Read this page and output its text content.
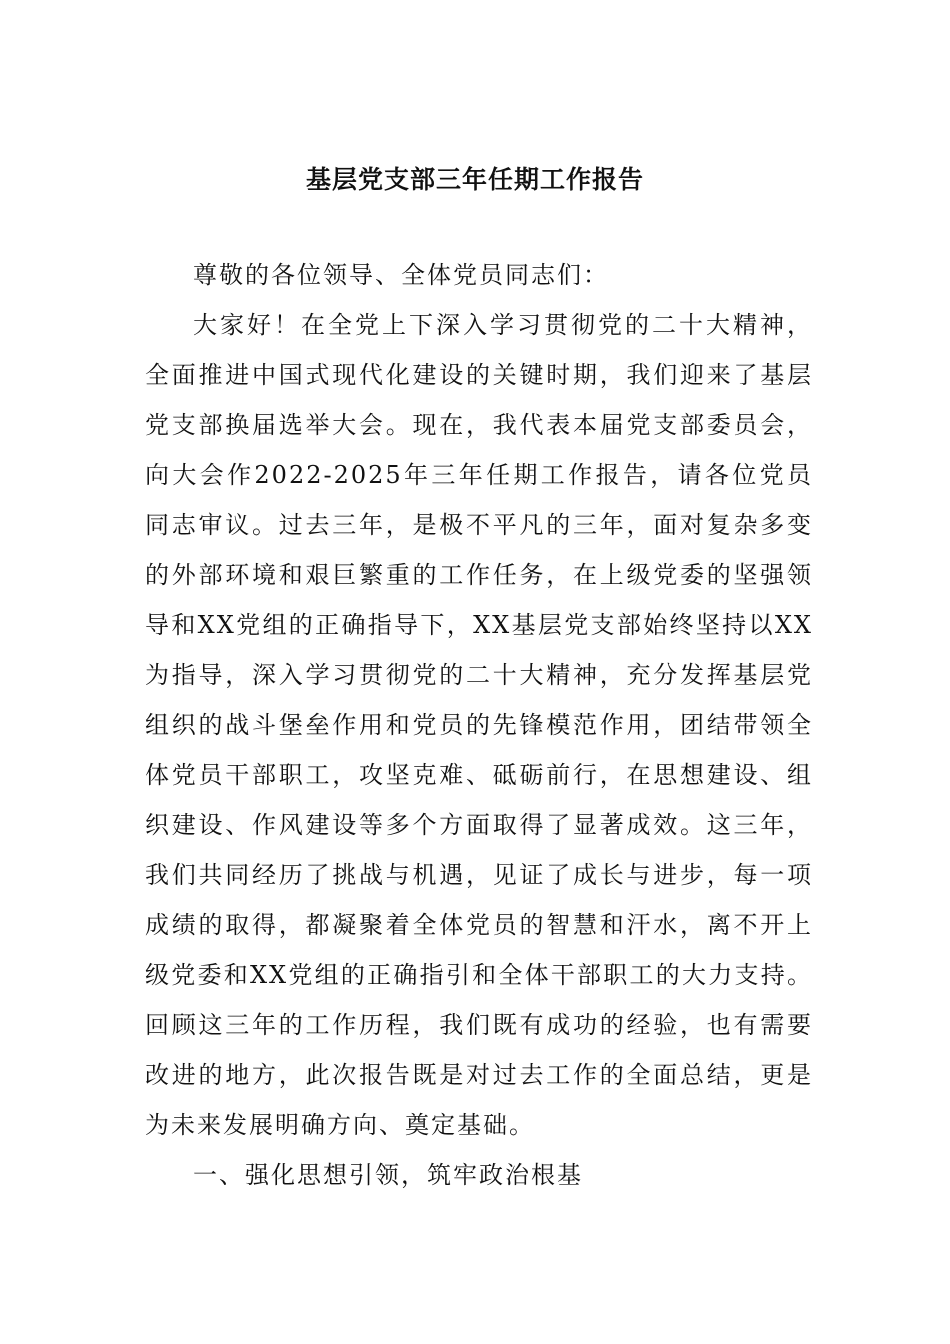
基层党支部三年任期工作报告

尊敬的各位领导、全体党员同志们：

大家好！在全党上下深入学习贯彻党的二十大精神，全面推进中国式现代化建设的关键时期，我们迎来了基层党支部换届选举大会。现在，我代表本届党支部委员会，向大会作2022-2025年三年任期工作报告，请各位党员同志审议。过去三年，是极不平凡的三年，面对复杂多变的外部环境和艰巨繁重的工作任务，在上级党委的坚强领导和XX党组的正确指导下，XX基层党支部始终坚持以XX为指导，深入学习贯彻党的二十大精神，充分发挥基层党组织的战斗堡垒作用和党员的先锋模范作用，团结带领全体党员干部职工，攻坚克难、砥砺前行，在思想建设、组织建设、作风建设等多个方面取得了显著成效。这三年，我们共同经历了挑战与机遇，见证了成长与进步，每一项成绩的取得，都凝聚着全体党员的智慧和汗水，离不开上级党委和XX党组的正确指引和全体干部职工的大力支持。回顾这三年的工作历程，我们既有成功的经验，也有需要改进的地方，此次报告既是对过去工作的全面总结，更是为未来发展明确方向、奠定基础。

一、强化思想引领，筑牢政治根基
